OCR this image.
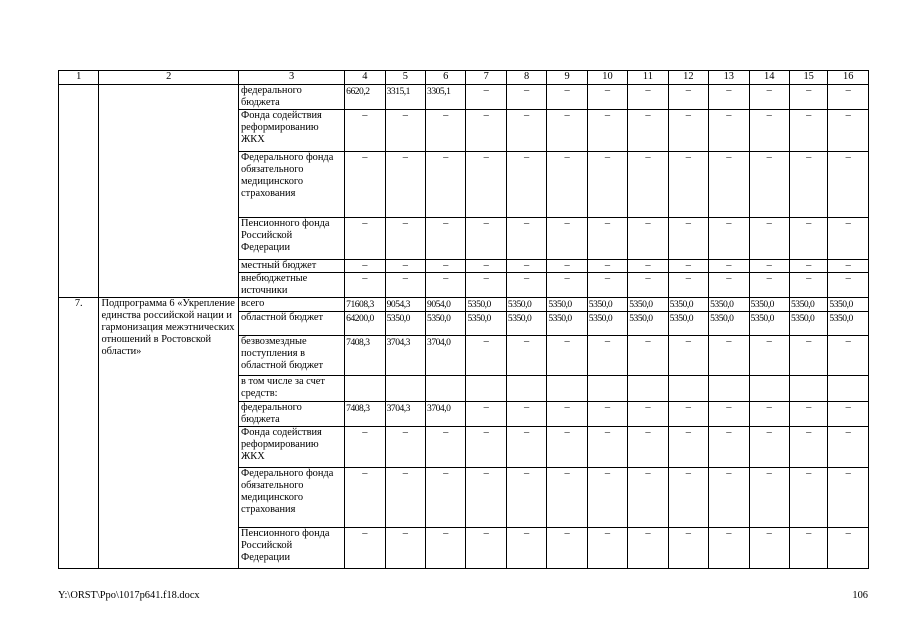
1	2	3	4	5	6	7	8	9	10	11	12	13	14	15	16
		федерального бюджета	6620,2	3315,1	3305,1	–	–	–	–	–	–	–	–	–	–
		Фонда содействия реформированию ЖКХ	–	–	–	–	–	–	–	–	–	–	–	–	–
		Федерального фонда обязательного медицинского страхования	–	–	–	–	–	–	–	–	–	–	–	–	–
		Пенсионного фонда Российской Федерации	–	–	–	–	–	–	–	–	–	–	–	–	–
		местный бюджет	–	–	–	–	–	–	–	–	–	–	–	–	–
		внебюджетные источники	–	–	–	–	–	–	–	–	–	–	–	–	–
7.	Подпрограмма 6 «Укрепление единства российской нации и гармонизация межэтнических отношений в Ростовской области»	всего	71608,3	9054,3	9054,0	5350,0	5350,0	5350,0	5350,0	5350,0	5350,0	5350,0	5350,0	5350,0	5350,0
		областной бюджет	64200,0	5350,0	5350,0	5350,0	5350,0	5350,0	5350,0	5350,0	5350,0	5350,0	5350,0	5350,0	5350,0
		безвозмездные поступления в областной бюджет	7408,3	3704,3	3704,0	–	–	–	–	–	–	–	–	–	–
		в том числе за счет средств:													
		федерального бюджета	7408,3	3704,3	3704,0	–	–	–	–	–	–	–	–	–	–
		Фонда содействия реформированию ЖКХ	–	–	–	–	–	–	–	–	–	–	–	–	–
		Федерального фонда обязательного медицинского страхования	–	–	–	–	–	–	–	–	–	–	–	–	–
		Пенсионного фонда Российской Федерации	–	–	–	–	–	–	–	–	–	–	–	–	–
Y:\ORST\Ppo\1017p641.f18.docx	106
